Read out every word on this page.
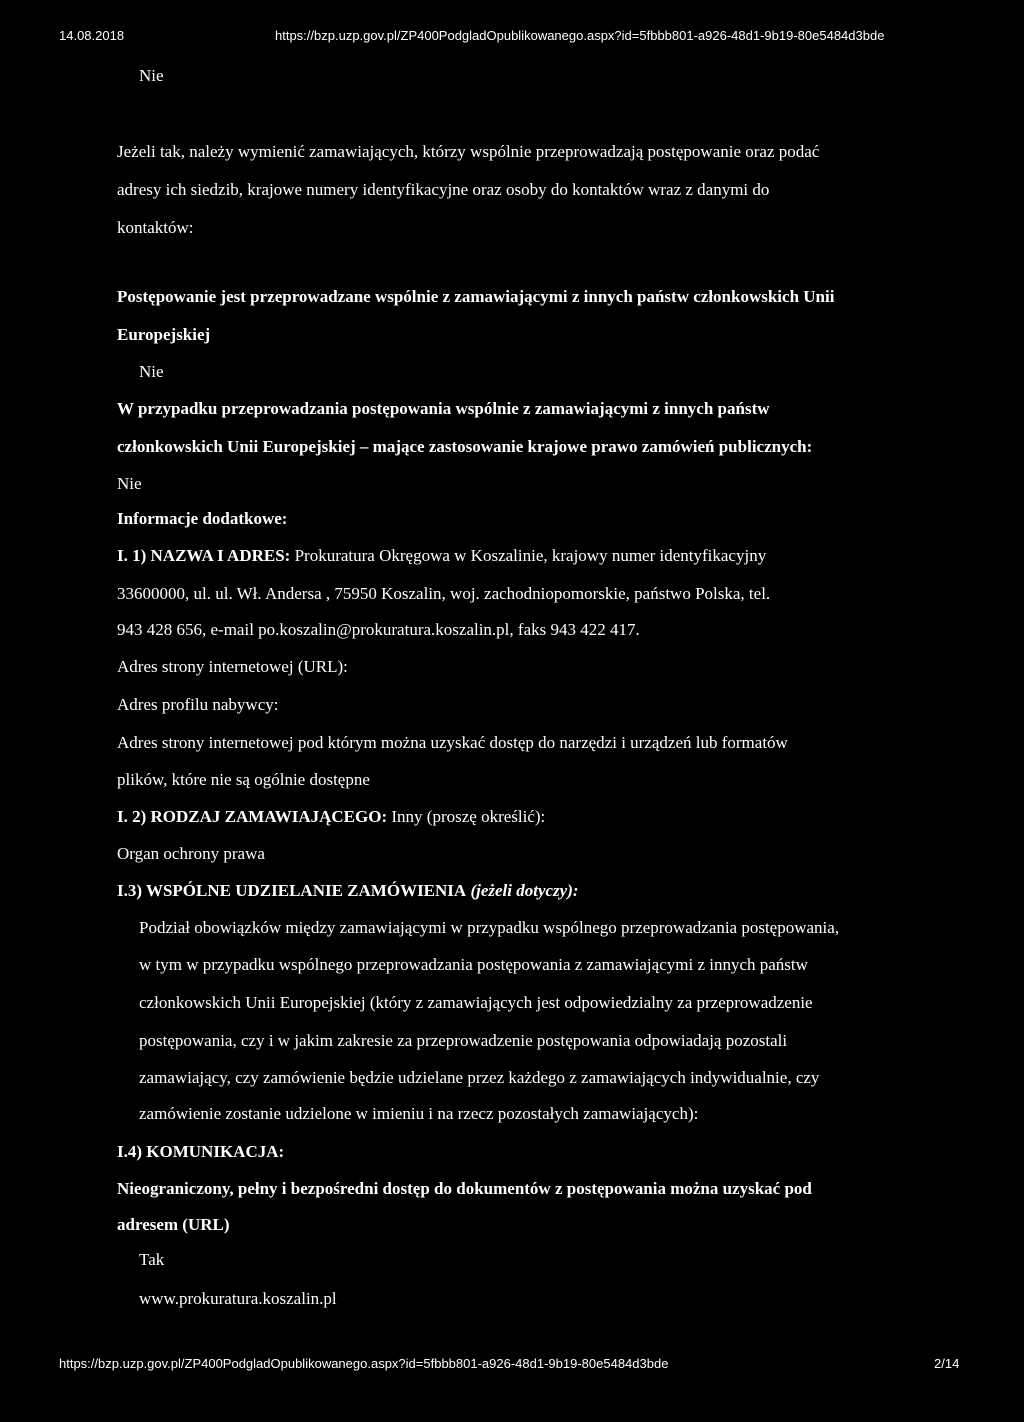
14.08.2018	https://bzp.uzp.gov.pl/ZP400PodgladOpublikowanego.aspx?id=5fbbb801-a926-48d1-9b19-80e5484d3bde
Nie
Jeżeli tak, należy wymienić zamawiających, którzy wspólnie przeprowadzają postępowanie oraz podać
adresy ich siedzib, krajowe numery identyfikacyjne oraz osoby do kontaktów wraz z danymi do
kontaktów:
Postępowanie jest przeprowadzane wspólnie z zamawiającymi z innych państw członkowskich Unii
Europejskiej
Nie
W przypadku przeprowadzania postępowania wspólnie z zamawiającymi z innych państw
członkowskich Unii Europejskiej – mające zastosowanie krajowe prawo zamówień publicznych:
Nie
Informacje dodatkowe:
I. 1) NAZWA I ADRES: Prokuratura Okręgowa w Koszalinie, krajowy numer identyfikacyjny
33600000, ul. ul. Wł. Andersa , 75950 Koszalin, woj. zachodniopomorskie, państwo Polska, tel.
943 428 656, e-mail po.koszalin@prokuratura.koszalin.pl, faks 943 422 417.
Adres strony internetowej (URL):
Adres profilu nabywcy:
Adres strony internetowej pod którym można uzyskać dostęp do narzędzi i urządzeń lub formatów
plików, które nie są ogólnie dostępne
I. 2) RODZAJ ZAMAWIAJĄCEGO: Inny (proszę określić):
Organ ochrony prawa
I.3) WSPÓLNE UDZIELANIE ZAMÓWIENIA (jeżeli dotyczy):
Podział obowiązków między zamawiającymi w przypadku wspólnego przeprowadzania postępowania,
w tym w przypadku wspólnego przeprowadzania postępowania z zamawiającymi z innych państw
członkowskich Unii Europejskiej (który z zamawiających jest odpowiedzialny za przeprowadzenie
postępowania, czy i w jakim zakresie za przeprowadzenie postępowania odpowiadają pozostali
zamawiający, czy zamówienie będzie udzielane przez każdego z zamawiających indywidualnie, czy
zamówienie zostanie udzielone w imieniu i na rzecz pozostałych zamawiających):
I.4) KOMUNIKACJA:
Nieograniczony, pełny i bezpośredni dostęp do dokumentów z postępowania można uzyskać pod
adresem (URL)
Tak
www.prokuratura.koszalin.pl
https://bzp.uzp.gov.pl/ZP400PodgladOpublikowanego.aspx?id=5fbbb801-a926-48d1-9b19-80e5484d3bde	2/14
